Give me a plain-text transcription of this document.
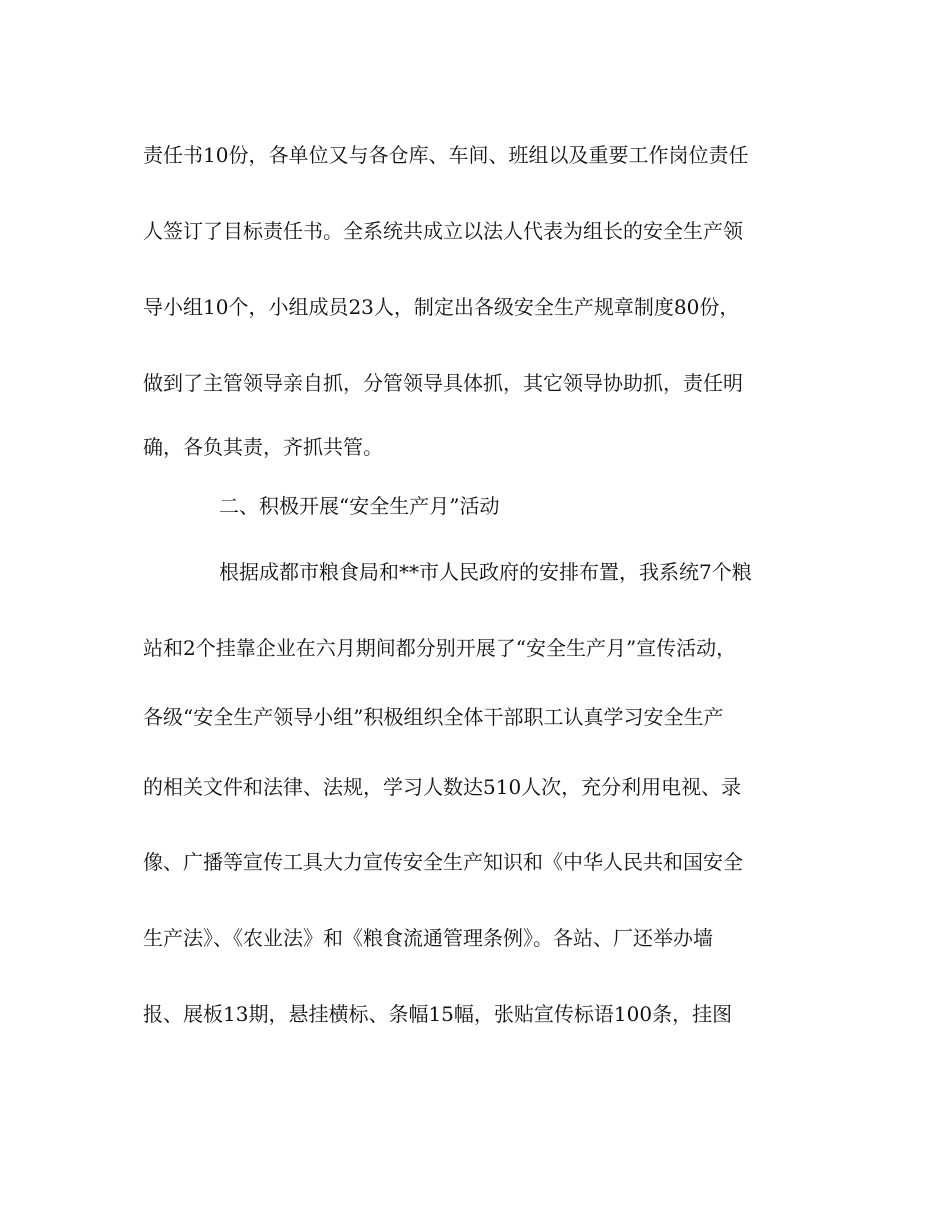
责任书10份，各单位又与各仓库、车间、班组以及重要工作岗位责任
人签订了目标责任书。全系统共成立以法人代表为组长的安全生产领
导小组10个，小组成员23人，制定出各级安全生产规章制度80份，
做到了主管领导亲自抓，分管领导具体抓，其它领导协助抓，责任明
确，各负其责，齐抓共管。
二、积极开展“安全生产月”活动
根据成都市粮食局和**市人民政府的安排布置，我系统7个粮
站和2个挂靠企业在六月期间都分别开展了“安全生产月”宣传活动，
各级“安全生产领导小组”积极组织全体干部职工认真学习安全生产
的相关文件和法律、法规，学习人数达510人次，充分利用电视、录
像、广播等宣传工具大力宣传安全生产知识和《中华人民共和国安全
生产法》、《农业法》和《粮食流通管理条例》。各站、厂还举办墙
报、展板13期，悬挂横标、条幅15幅，张贴宣传标语100条，挂图
